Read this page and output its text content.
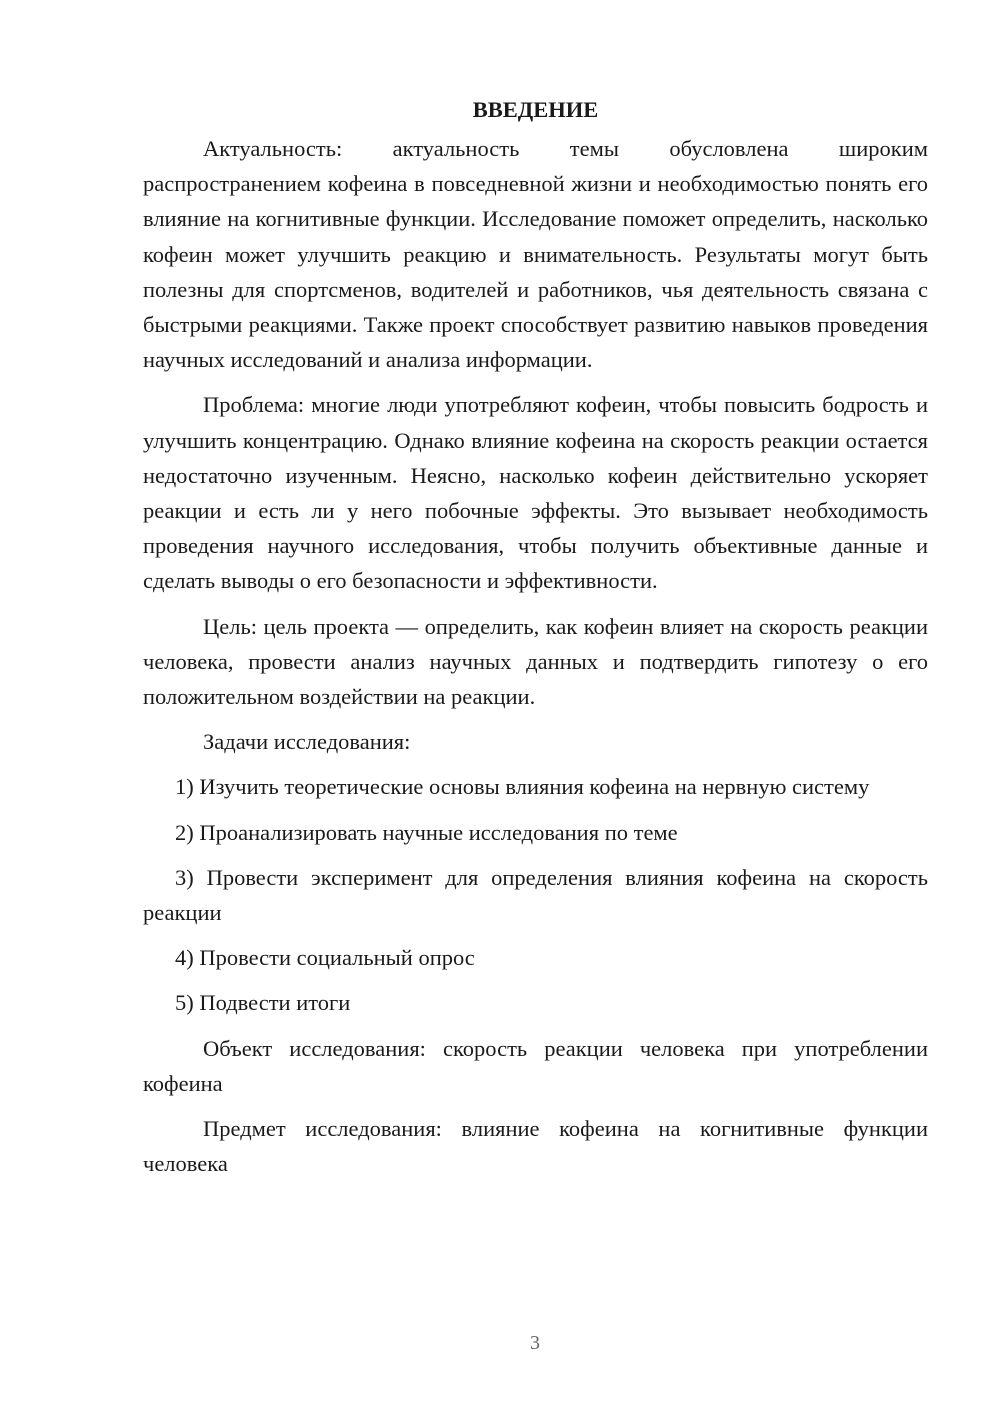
ВВЕДЕНИЕ

Актуальность: актуальность темы обусловлена широким распространением кофеина в повседневной жизни и необходимостью понять его влияние на когнитивные функции. Исследование поможет определить, насколько кофеин может улучшить реакцию и внимательность. Результаты могут быть полезны для спортсменов, водителей и работников, чья деятельность связана с быстрыми реакциями. Также проект способствует развитию навыков проведения научных исследований и анализа информации.

Проблема: многие люди употребляют кофеин, чтобы повысить бодрость и улучшить концентрацию. Однако влияние кофеина на скорость реакции остается недостаточно изученным. Неясно, насколько кофеин действительно ускоряет реакции и есть ли у него побочные эффекты. Это вызывает необходимость проведения научного исследования, чтобы получить объективные данные и сделать выводы о его безопасности и эффективности.

Цель: цель проекта — определить, как кофеин влияет на скорость реакции человека, провести анализ научных данных и подтвердить гипотезу о его положительном воздействии на реакции.

Задачи исследования:

1) Изучить теоретические основы влияния кофеина на нервную систему

2) Проанализировать научные исследования по теме

3) Провести эксперимент для определения влияния кофеина на скорость реакции

4) Провести социальный опрос

5) Подвести итоги

Объект исследования: скорость реакции человека при употреблении кофеина

Предмет исследования: влияние кофеина на когнитивные функции человека

3
